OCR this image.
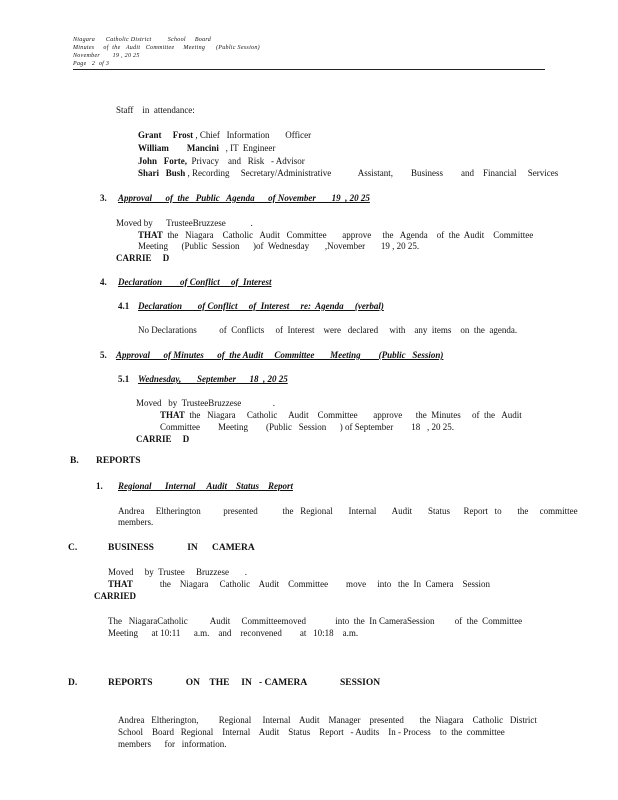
Niagara      Catholic District         School     Board
Minutes     of  the   Audit   Committee     Meeting      (Public Session)
November       19 , 20 25
Page   2  of 3
Staff    in  attendance:
Grant     Frost , Chief   Information       Officer
William        Mancini   , IT  Engineer
John   Forte,  Privacy    and   Risk   - Advisor
Shari   Bush , Recording     Secretary/Administrative            Assistant,        Business        and    Financial     Services
3. Approval      of  the   Public   Agenda      of November       19  , 20 25
Moved by      TrusteeBruzzese           .
THAT  the   Niagara    Catholic   Audit   Committee       approve     the   Agenda    of  the  Audit    Committee
Meeting      (Public  Session      )of  Wednesday       ,November       19 , 20 25.
CARRIE     D
4. Declaration        of Conflict     of  Interest
4.1 Declaration       of Conflict     of  Interest     re:  Agenda     (verbal)
No Declarations          of  Conflicts     of  Interest    were   declared     with    any  items    on  the  agenda.
5. Approval      of Minutes      of  the Audit     Committee       Meeting        (Public   Session)
5.1 Wednesday,       September      18  , 20 25
Moved   by  TrusteeBruzzese              .
THAT  the   Niagara     Catholic     Audit    Committee       approve      the  Minutes     of  the   Audit
Committee        Meeting        (Public   Session      ) of September        18   , 20 25.
CARRIE     D
B. REPORTS
1. Regional      Internal     Audit    Status    Report
Andrea     Eltherington          presented           the   Regional       Internal       Audit       Status      Report   to       the     committee
members.
C.	BUSINESS              IN      CAMERA
Moved     by  Trustee     Bruzzese       .
THAT            the    Niagara     Catholic    Audit    Committee        move     into   the  In  Camera    Session
CARRIED
The   NiagaraCatholic          Audit     Committeemoved             into  the  In CameraSession         of  the  Committee
Meeting      at 10:11      a.m.    and    reconvened        at   10:18    a.m.
D.	REPORTS              ON    THE     IN   - CAMERA              SESSION
Andrea   Eltherington,         Regional     Internal    Audit    Manager    presented       the  Niagara    Catholic   District
School    Board   Regional    Internal    Audit    Status    Report   - Audits    In - Process    to  the  committee
members      for   information.
